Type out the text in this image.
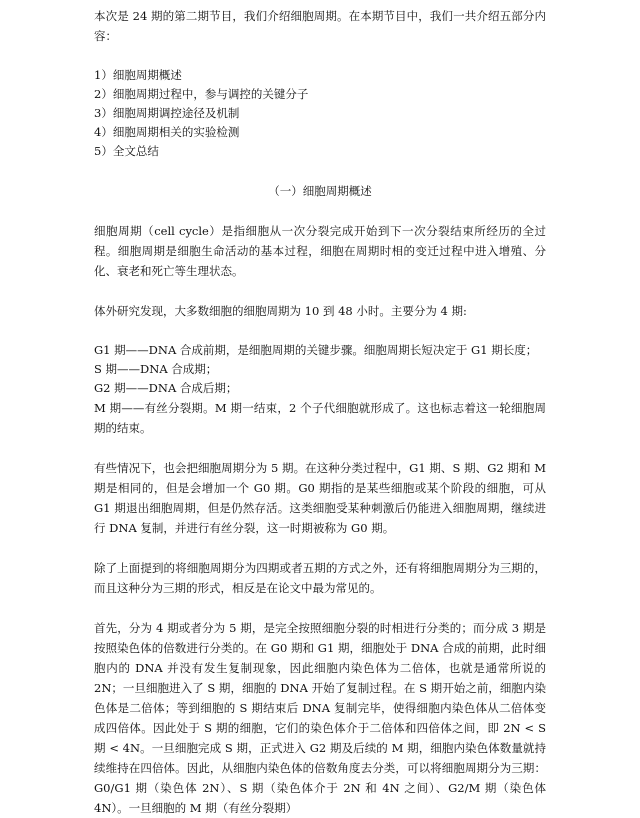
本次是 24 期的第二期节目，我们介绍细胞周期。在本期节目中，我们一共介绍五部分内容：

1）细胞周期概述

2）细胞周期过程中，参与调控的关键分子

3）细胞周期调控途径及机制

4）细胞周期相关的实验检测

5）全文总结

（一）细胞周期概述

细胞周期（cell cycle）是指细胞从一次分裂完成开始到下一次分裂结束所经历的全过程。细胞周期是细胞生命活动的基本过程，细胞在周期时相的变迁过程中进入增殖、分化、衰老和死亡等生理状态。

体外研究发现，大多数细胞的细胞周期为 10 到 48 小时。主要分为 4 期:

G1 期——DNA 合成前期，是细胞周期的关键步骤。细胞周期长短决定于 G1 期长度；

S 期——DNA 合成期；

G2 期——DNA 合成后期；

M 期——有丝分裂期。M 期一结束，2 个子代细胞就形成了。这也标志着这一轮细胞周期的结束。

有些情况下，也会把细胞周期分为 5 期。在这种分类过程中，G1 期、S 期、G2 期和 M 期是相同的，但是会增加一个 G0 期。G0 期指的是某些细胞或某个阶段的细胞，可从 G1 期退出细胞周期，但是仍然存活。这类细胞受某种刺激后仍能进入细胞周期，继续进行 DNA 复制，并进行有丝分裂，这一时期被称为 G0 期。

除了上面提到的将细胞周期分为四期或者五期的方式之外，还有将细胞周期分为三期的，而且这种分为三期的形式，相反是在论文中最为常见的。

首先，分为 4 期或者分为 5 期，是完全按照细胞分裂的时相进行分类的；而分成 3 期是按照染色体的倍数进行分类的。在 G0 期和 G1 期，细胞处于 DNA 合成的前期，此时细胞内的 DNA 并没有发生复制现象，因此细胞内染色体为二倍体，也就是通常所说的 2N；一旦细胞进入了 S 期，细胞的 DNA 开始了复制过程。在 S 期开始之前，细胞内染色体是二倍体；等到细胞的 S 期结束后 DNA 复制完毕，使得细胞内染色体从二倍体变成四倍体。因此处于 S 期的细胞，它们的染色体介于二倍体和四倍体之间，即 2N < S 期 < 4N。一旦细胞完成 S 期，正式进入 G2 期及后续的 M 期，细胞内染色体数量就持续维持在四倍体。因此，从细胞内染色体的倍数角度去分类，可以将细胞周期分为三期：G0/G1 期（染色体 2N）、S 期（染色体介于 2N 和 4N 之间）、G2/M 期（染色体 4N）。一旦细胞的 M 期（有丝分裂期）
